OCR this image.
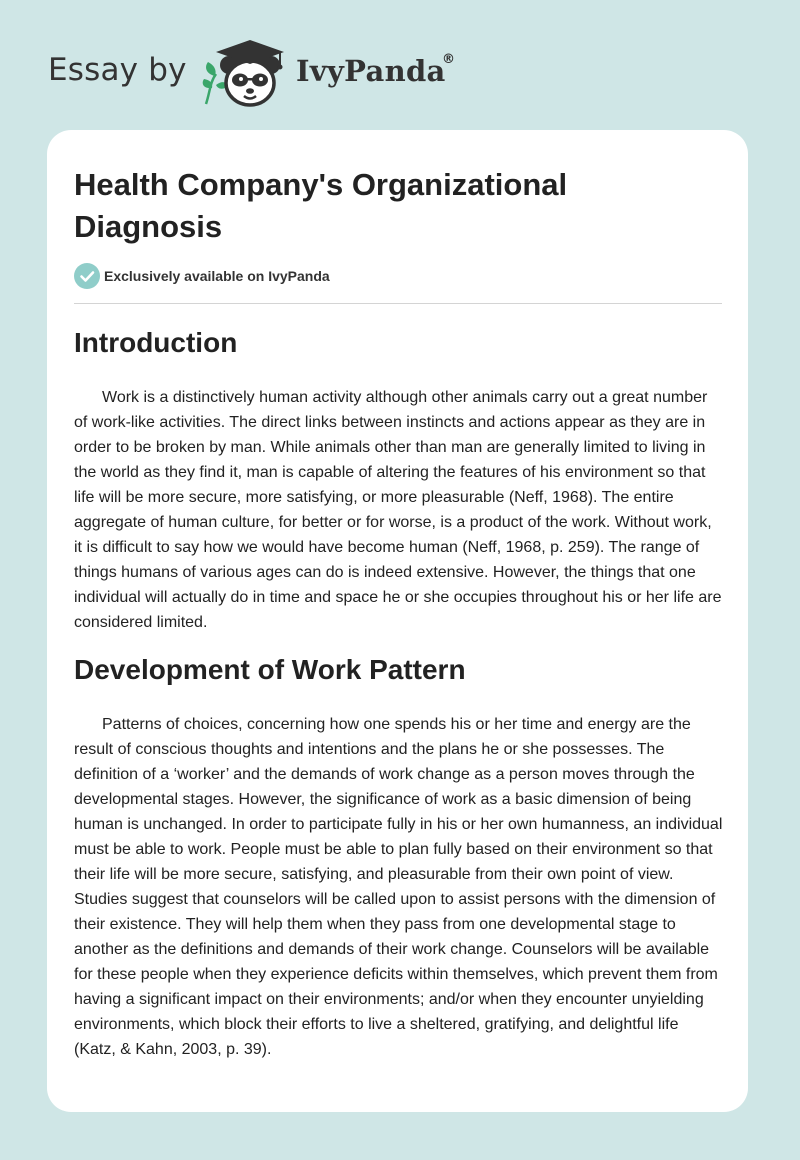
Essay by	IvyPanda
®
Health Company's Organizational Diagnosis
Exclusively available on IvyPanda
Introduction

Work is a distinctively human activity although other animals carry out a great number of work-like activities. The direct links between instincts and actions appear as they are in order to be broken by man. While animals other than man are generally limited to living in the world as they find it, man is capable of altering the features of his environment so that life will be more secure, more satisfying, or more pleasurable (Neff, 1968). The entire aggregate of human culture, for better or for worse, is a product of the work. Without work, it is difficult to say how we would have become human (Neff, 1968, p. 259). The range of things humans of various ages can do is indeed extensive. However, the things that one individual will actually do in time and space he or she occupies throughout his or her life are considered limited.

Development of Work Pattern

Patterns of choices, concerning how one spends his or her time and energy are the result of conscious thoughts and intentions and the plans he or she possesses. The definition of a ‘worker’ and the demands of work change as a person moves through the developmental stages. However, the significance of work as a basic dimension of being human is unchanged. In order to participate fully in his or her own humanness, an individual must be able to work. People must be able to plan fully based on their environment so that their life will be more secure, satisfying, and pleasurable from their own point of view. Studies suggest that counselors will be called upon to assist persons with the dimension of their existence. They will help them when they pass from one developmental stage to another as the definitions and demands of their work change. Counselors will be available for these people when they experience deficits within themselves, which prevent them from having a significant impact on their environments; and/or when they encounter unyielding environments, which block their efforts to live a sheltered, gratifying, and delightful life (Katz, & Kahn, 2003, p. 39).
